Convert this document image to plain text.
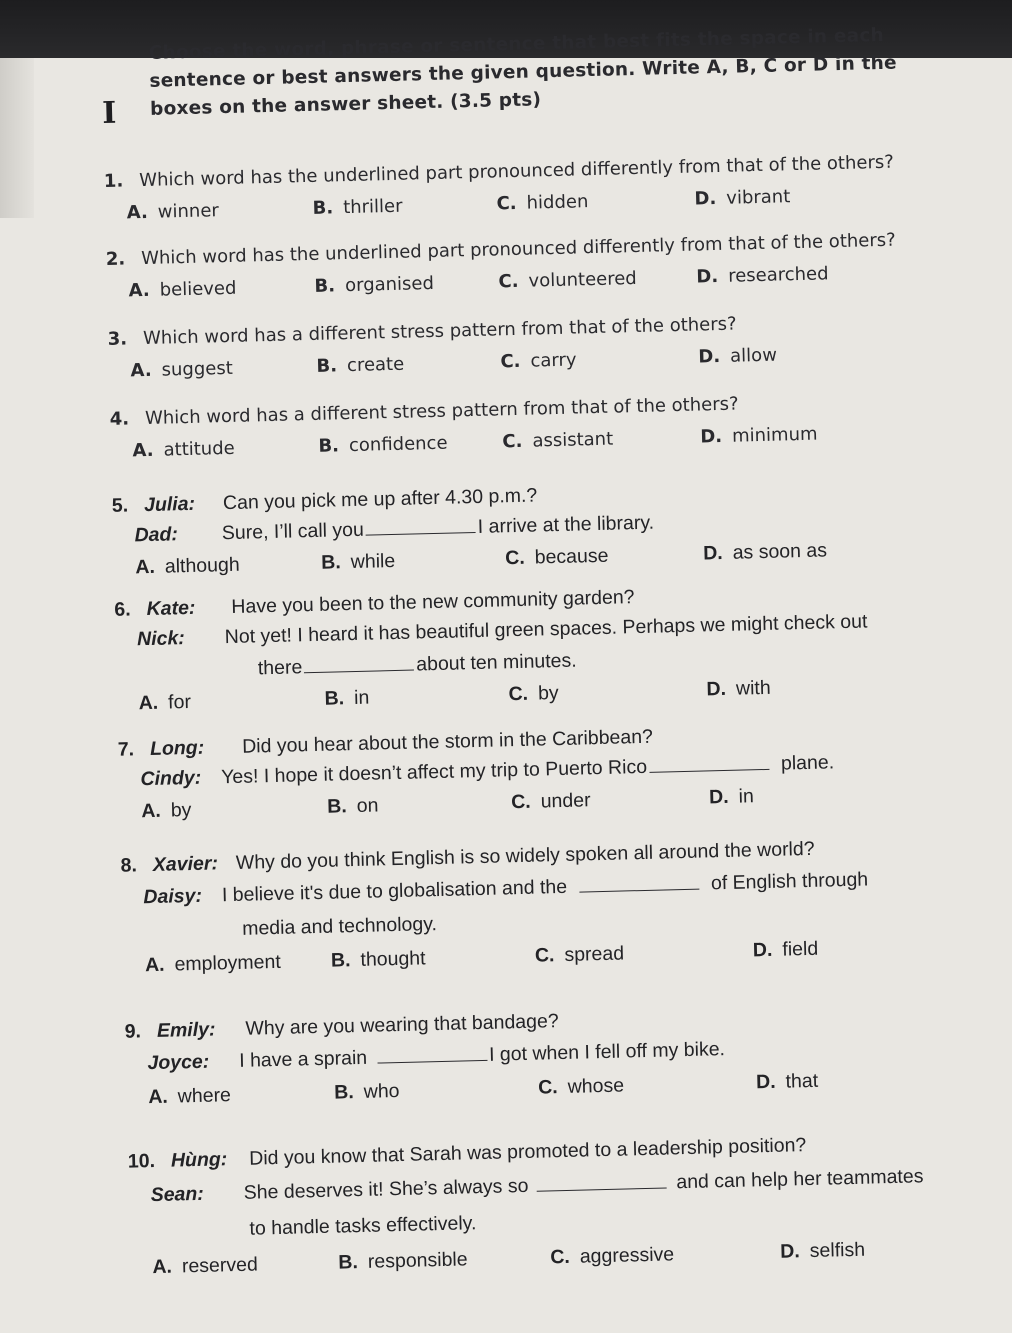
I
Choose the word, phrase or sentence that best fits the space in each
sentence or best answers the given question. Write A, B, C or D in the
boxes on the answer sheet. (3.5 pts)
1. Which word has the underlined part pronounced differently from that of the others?
A. winner	B. thriller	C. hidden	D. vibrant
2. Which word has the underlined part pronounced differently from that of the others?
A. believed	B. organised	C. volunteered	D. researched
3. Which word has a different stress pattern from that of the others?
A. suggest	B. create	C. carry	D. allow
4. Which word has a different stress pattern from that of the others?
A. attitude	B. confidence	C. assistant	D. minimum
5. Julia: Can you pick me up after 4.30 p.m.?
Dad: Sure, I’ll call you	I arrive at the library.
A. although	B. while	C. because	D. as soon as
6. Kate: Have you been to the new community garden?
Nick: Not yet! I heard it has beautiful green spaces. Perhaps we might check out
there	about ten minutes.
A. for	B. in	C. by	D. with
7. Long: Did you hear about the storm in the Caribbean?
Cindy: Yes! I hope it doesn’t affect my trip to Puerto Rico	plane.
A. by	B. on	C. under	D. in
8. Xavier: Why do you think English is so widely spoken all around the world?
Daisy: I believe it's due to globalisation and the	of English through
media and technology.
A. employment	B. thought	C. spread	D. field
9. Emily: Why are you wearing that bandage?
Joyce: I have a sprain	I got when I fell off my bike.
A. where	B. who	C. whose	D. that
10. Hùng: Did you know that Sarah was promoted to a leadership position?
Sean: She deserves it! She’s always so	and can help her teammates
to handle tasks effectively.
A. reserved	B. responsible	C. aggressive	D. selfish
